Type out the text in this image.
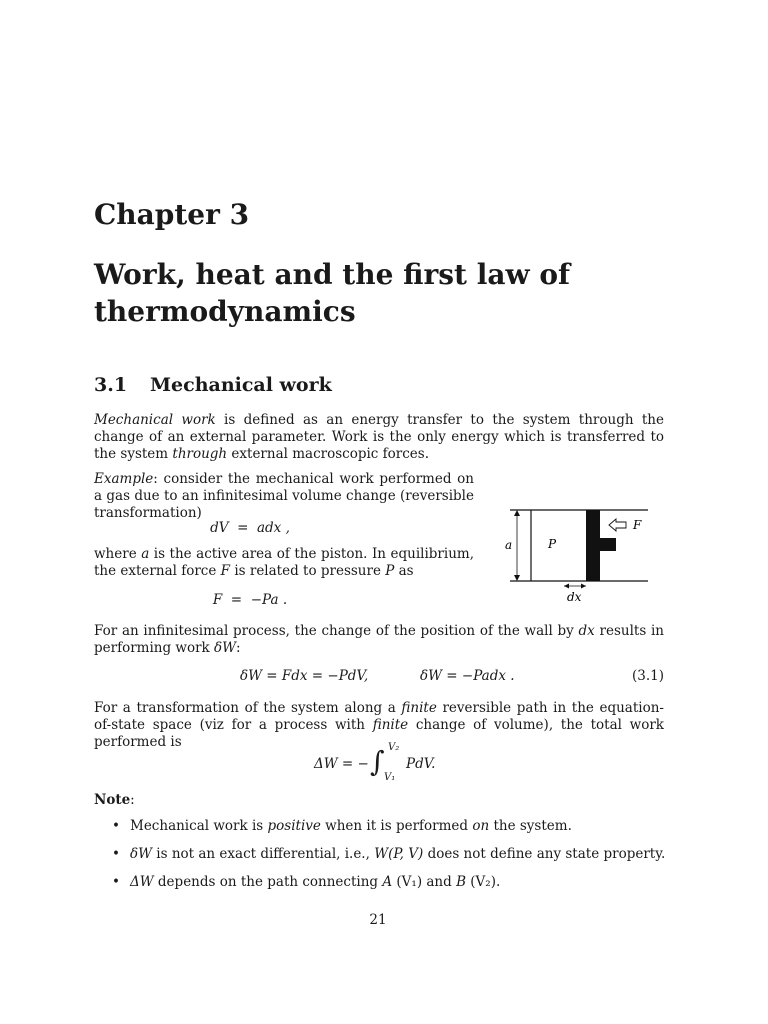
Chapter 3
Work, heat and the first law of thermodynamics
3.1 Mechanical work
Mechanical work is defined as an energy transfer to the system through the change of an external parameter. Work is the only energy which is transferred to the system through external macroscopic forces.
Example: consider the mechanical work performed on a gas due to an infinitesimal volume change (reversible transformation)
dV  =  adx ,
where a is the active area of the piston. In equilibrium, the external force F is related to pressure P as
F  =  −Pa .
a	P
F
dx
For an infinitesimal process, the change of the position of the wall by dx results in performing work δW:
δW = Fdx = −PdV,	δW = −Padx .	(3.1)
For a transformation of the system along a finite reversible path in the equation-of-state space (viz for a process with finite change of volume), the total work performed is
ΔW = − ∫ V₂
V₁
PdV.
Note:
• Mechanical work is positive when it is performed on the system.
• δW is not an exact differential, i.e., W(P, V) does not define any state property.
• ΔW depends on the path connecting A (V₁) and B (V₂).
21
